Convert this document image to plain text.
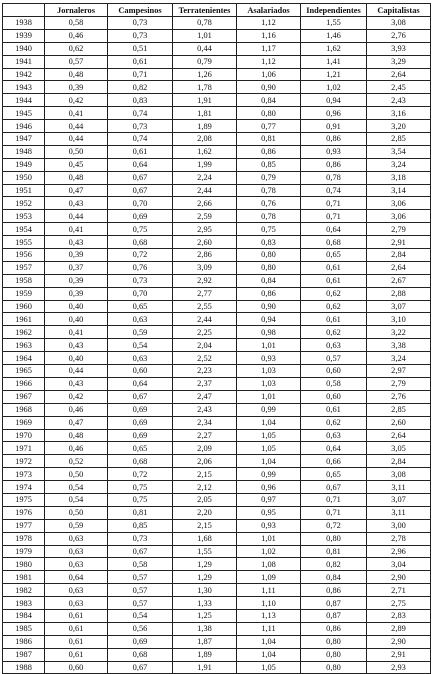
	Jornaleros	Campesinos	Terratenientes	Asalariados	Independientes	Capitalistas
1938	0,58	0,73	0,78	1,12	1,55	3,08
1939	0,46	0,73	1,01	1,16	1,46	2,76
1940	0,62	0,51	0,44	1,17	1,62	3,93
1941	0,57	0,61	0,79	1,12	1,41	3,29
1942	0,48	0,71	1,26	1,06	1,21	2,64
1943	0,39	0,82	1,78	0,90	1,02	2,45
1944	0,42	0,83	1,91	0,84	0,94	2,43
1945	0,41	0,74	1,81	0,80	0,96	3,16
1946	0,44	0,73	1,89	0,77	0,91	3,20
1947	0,44	0,74	2,08	0,81	0,86	2,85
1948	0,50	0,61	1,62	0,86	0,93	3,54
1949	0,45	0,64	1,99	0,85	0,86	3,24
1950	0,48	0,67	2,24	0,79	0,78	3,18
1951	0,47	0,67	2,44	0,78	0,74	3,14
1952	0,43	0,70	2,66	0,76	0,71	3,06
1953	0,44	0,69	2,59	0,78	0,71	3,06
1954	0,41	0,75	2,95	0,75	0,64	2,79
1955	0,43	0,68	2,60	0,83	0,68	2,91
1956	0,39	0,72	2,86	0,80	0,65	2,84
1957	0,37	0,76	3,09	0,80	0,61	2,64
1958	0,39	0,73	2,92	0,84	0,61	2,67
1959	0,39	0,70	2,77	0,86	0,62	2,88
1960	0,40	0,65	2,55	0,90	0,62	3,07
1961	0,40	0,63	2,44	0,94	0,61	3,10
1962	0,41	0,59	2,25	0,98	0,62	3,22
1963	0,43	0,54	2,04	1,01	0,63	3,38
1964	0,40	0,63	2,52	0,93	0,57	3,24
1965	0,44	0,60	2,23	1,03	0,60	2,97
1966	0,43	0,64	2,37	1,03	0,58	2,79
1967	0,42	0,67	2,47	1,01	0,60	2,76
1968	0,46	0,69	2,43	0,99	0,61	2,85
1969	0,47	0,69	2,34	1,04	0,62	2,60
1970	0,48	0,69	2,27	1,05	0,63	2,64
1971	0,46	0,65	2,09	1,05	0,64	3,05
1972	0,52	0,68	2,06	1,04	0,66	2,84
1973	0,50	0,72	2,15	0,99	0,65	3,08
1974	0,54	0,75	2,12	0,96	0,67	3,11
1975	0,54	0,75	2,05	0,97	0,71	3,07
1976	0,50	0,81	2,20	0,95	0,71	3,11
1977	0,59	0,85	2,15	0,93	0,72	3,00
1978	0,63	0,73	1,68	1,01	0,80	2,78
1979	0,63	0,67	1,55	1,02	0,81	2,96
1980	0,63	0,58	1,29	1,08	0,82	3,04
1981	0,64	0,57	1,29	1,09	0,84	2,90
1982	0,63	0,57	1,30	1,11	0,86	2,71
1983	0,63	0,57	1,33	1,10	0,87	2,75
1984	0,61	0,54	1,25	1,13	0,87	2,83
1985	0,61	0,56	1,38	1,11	0,86	2,89
1986	0,61	0,69	1,87	1,04	0,80	2,90
1987	0,61	0,68	1,89	1,04	0,80	2,91
1988	0,60	0,67	1,91	1,05	0,80	2,93
